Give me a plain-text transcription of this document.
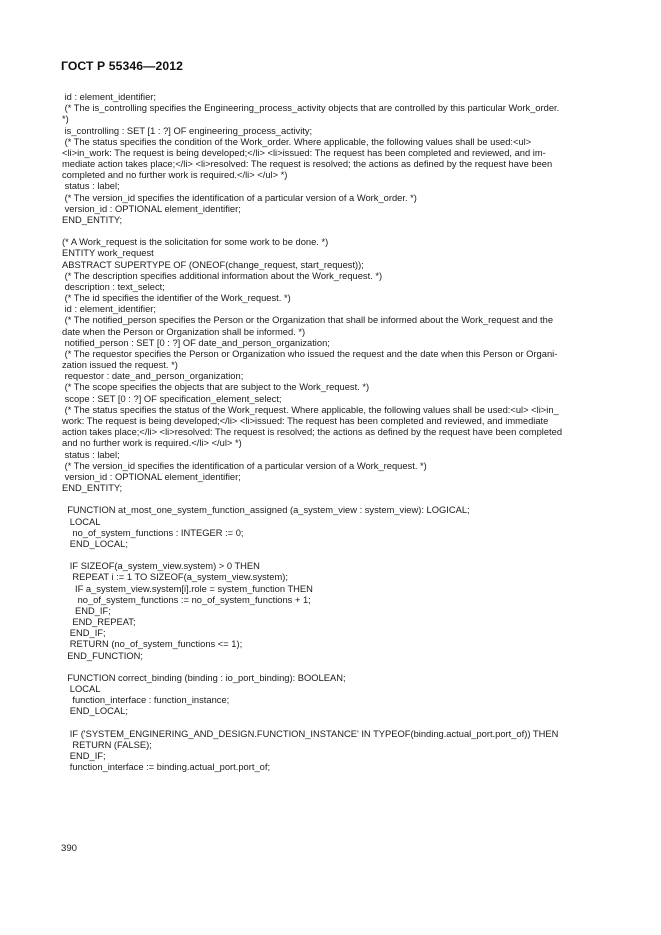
ГОСТ Р 55346—2012
id : element_identifier;
(* The is_controlling specifies the Engineering_process_activity objects that are controlled by this particular Work_order.
*)
is_controlling : SET [1 : ?] OF engineering_process_activity;
(* The status specifies the condition of the Work_order. Where applicable, the following values shall be used:<ul>
<li>in_work: The request is being developed;</li> <li>issued: The request has been completed and reviewed, and im-
mediate action takes place;</li> <li>resolved: The request is resolved; the actions as defined by the request have been
completed and no further work is required.</li> </ul> *)
status : label;
(* The version_id specifies the identification of a particular version of a Work_order. *)
version_id : OPTIONAL element_identifier;
END_ENTITY;
(* A Work_request is the solicitation for some work to be done. *)
ENTITY work_request
ABSTRACT SUPERTYPE OF (ONEOF(change_request, start_request));
(* The description specifies additional information about the Work_request. *)
description : text_select;
(* The id specifies the identifier of the Work_request. *)
id : element_identifier;
(* The notified_person specifies the Person or the Organization that shall be informed about the Work_request and the
date when the Person or Organization shall be informed. *)
notified_person : SET [0 : ?] OF date_and_person_organization;
(* The requestor specifies the Person or Organization who issued the request and the date when this Person or Organi-
zation issued the request. *)
requestor : date_and_person_organization;
(* The scope specifies the objects that are subject to the Work_request. *)
scope : SET [0 : ?] OF specification_element_select;
(* The status specifies the status of the Work_request. Where applicable, the following values shall be used:<ul> <li>in_
work: The request is being developed;</li> <li>issued: The request has been completed and reviewed, and immediate
action takes place;</li> <li>resolved: The request is resolved; the actions as defined by the request have been completed
and no further work is required.</li> </ul> *)
status : label;
(* The version_id specifies the identification of a particular version of a Work_request. *)
version_id : OPTIONAL element_identifier;
END_ENTITY;
FUNCTION at_most_one_system_function_assigned (a_system_view : system_view): LOGICAL;
LOCAL
no_of_system_functions : INTEGER := 0;
END_LOCAL;
IF SIZEOF(a_system_view.system) > 0 THEN
REPEAT i := 1 TO SIZEOF(a_system_view.system);
IF a_system_view.system[i].role = system_function THEN
no_of_system_functions := no_of_system_functions + 1;
END_IF;
END_REPEAT;
END_IF;
RETURN (no_of_system_functions <= 1);
END_FUNCTION;
FUNCTION correct_binding (binding : io_port_binding): BOOLEAN;
LOCAL
function_interface : function_instance;
END_LOCAL;
IF ('SYSTEM_ENGINERING_AND_DESIGN.FUNCTION_INSTANCE' IN TYPEOF(binding.actual_port.port_of)) THEN
RETURN (FALSE);
END_IF;
function_interface := binding.actual_port.port_of;
390
